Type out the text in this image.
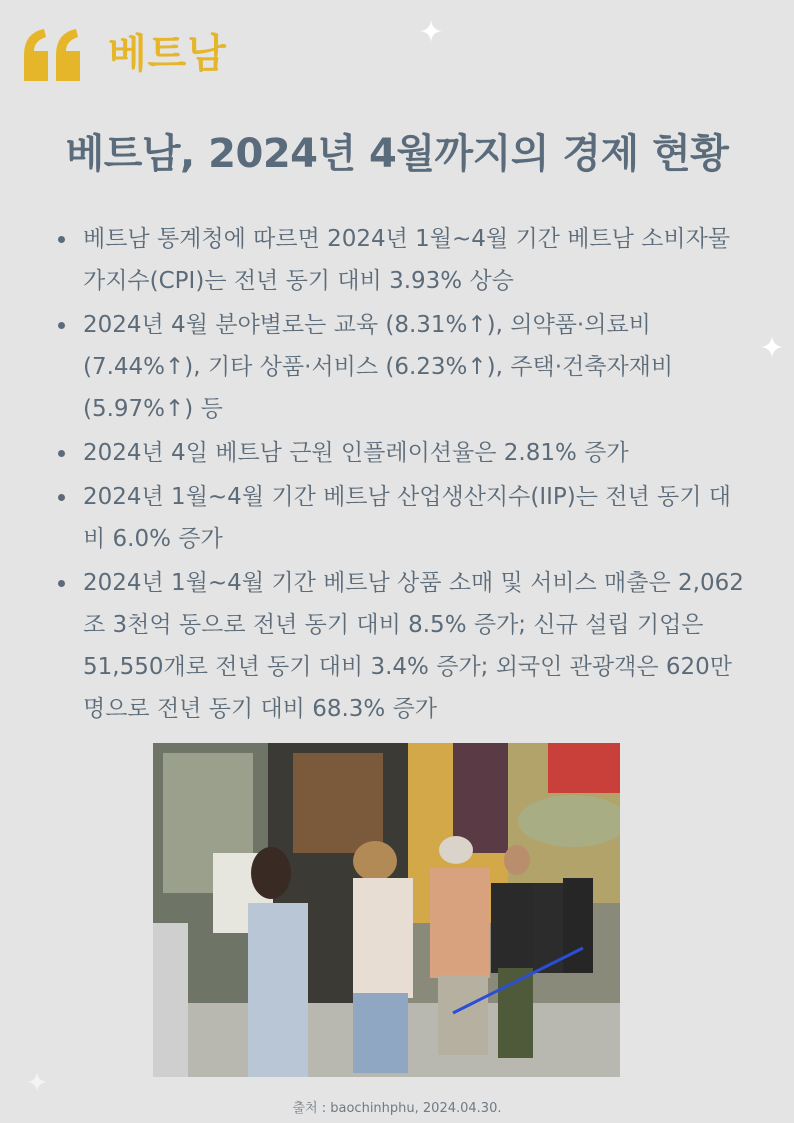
베트남
베트남, 2024년 4월까지의 경제 현황
베트남 통계청에 따르면 2024년 1월~4월 기간 베트남 소비자물가지수(CPI)는 전년 동기 대비 3.93% 상승
2024년 4월 분야별로는 교육 (8.31%↑), 의약품·의료비 (7.44%↑), 기타 상품·서비스 (6.23%↑), 주택·건축자재비 (5.97%↑) 등
2024년 4일 베트남 근원 인플레이션율은 2.81% 증가
2024년 1월~4월 기간 베트남 산업생산지수(IIP)는 전년 동기 대비 6.0% 증가
2024년 1월~4월 기간 베트남 상품 소매 및 서비스 매출은 2,062조 3천억 동으로 전년 동기 대비 8.5% 증가; 신규 설립 기업은 51,550개로 전년 동기 대비 3.4% 증가; 외국인 관광객은 620만 명으로 전년 동기 대비 68.3% 증가
출처 : baochinhphu, 2024.04.30.
